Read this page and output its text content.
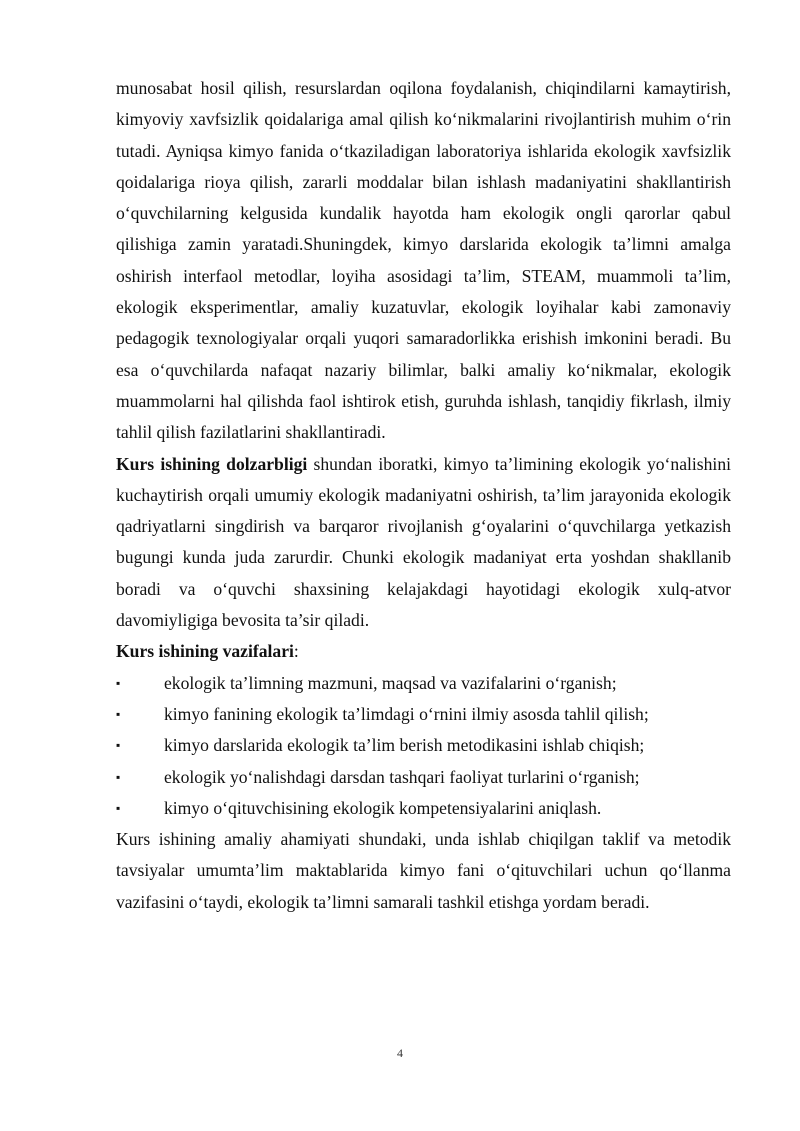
munosabat hosil qilish, resurslardan oqilona foydalanish, chiqindilarni kamaytirish, kimyoviy xavfsizlik qoidalariga amal qilish ko‘nikmalarini rivojlantirish muhim o‘rin tutadi. Ayniqsa kimyo fanida o‘tkaziladigan laboratoriya ishlarida ekologik xavfsizlik qoidalariga rioya qilish, zararli moddalar bilan ishlash madaniyatini shakllantirish o‘quvchilarning kelgusida kundalik hayotda ham ekologik ongli qarorlar qabul qilishiga zamin yaratadi.Shuningdek, kimyo darslarida ekologik ta’limni amalga oshirish interfaol metodlar, loyiha asosidagi ta’lim, STEAM, muammoli ta’lim, ekologik eksperimentlar, amaliy kuzatuvlar, ekologik loyihalar kabi zamonaviy pedagogik texnologiyalar orqali yuqori samaradorlikka erishish imkonini beradi. Bu esa o‘quvchilarda nafaqat nazariy bilimlar, balki amaliy ko‘nikmalar, ekologik muammolarni hal qilishda faol ishtirok etish, guruhda ishlash, tanqidiy fikrlash, ilmiy tahlil qilish fazilatlarini shakllantiradi.

Kurs ishining dolzarbligi shundan iboratki, kimyo ta’limining ekologik yo‘nalishini kuchaytirish orqali umumiy ekologik madaniyatni oshirish, ta’lim jarayonida ekologik qadriyatlarni singdirish va barqaror rivojlanish g‘oyalarini o‘quvchilarga yetkazish bugungi kunda juda zarurdir. Chunki ekologik madaniyat erta yoshdan shakllanib boradi va o‘quvchi shaxsining kelajakdagi hayotidagi ekologik xulq-atvor davomiyligiga bevosita ta’sir qiladi.

Kurs ishining vazifalari:

▪ ekologik ta’limning mazmuni, maqsad va vazifalarini o‘rganish;
▪ kimyo fanining ekologik ta’limdagi o‘rnini ilmiy asosda tahlil qilish;
▪ kimyo darslarida ekologik ta’lim berish metodikasini ishlab chiqish;
▪ ekologik yo‘nalishdagi darsdan tashqari faoliyat turlarini o‘rganish;
▪ kimyo o‘qituvchisining ekologik kompetensiyalarini aniqlash.

Kurs ishining amaliy ahamiyati shundaki, unda ishlab chiqilgan taklif va metodik tavsiyalar umumta’lim maktablarida kimyo fani o‘qituvchilari uchun qo‘llanma vazifasini o‘taydi, ekologik ta’limni samarali tashkil etishga yordam beradi.

4
